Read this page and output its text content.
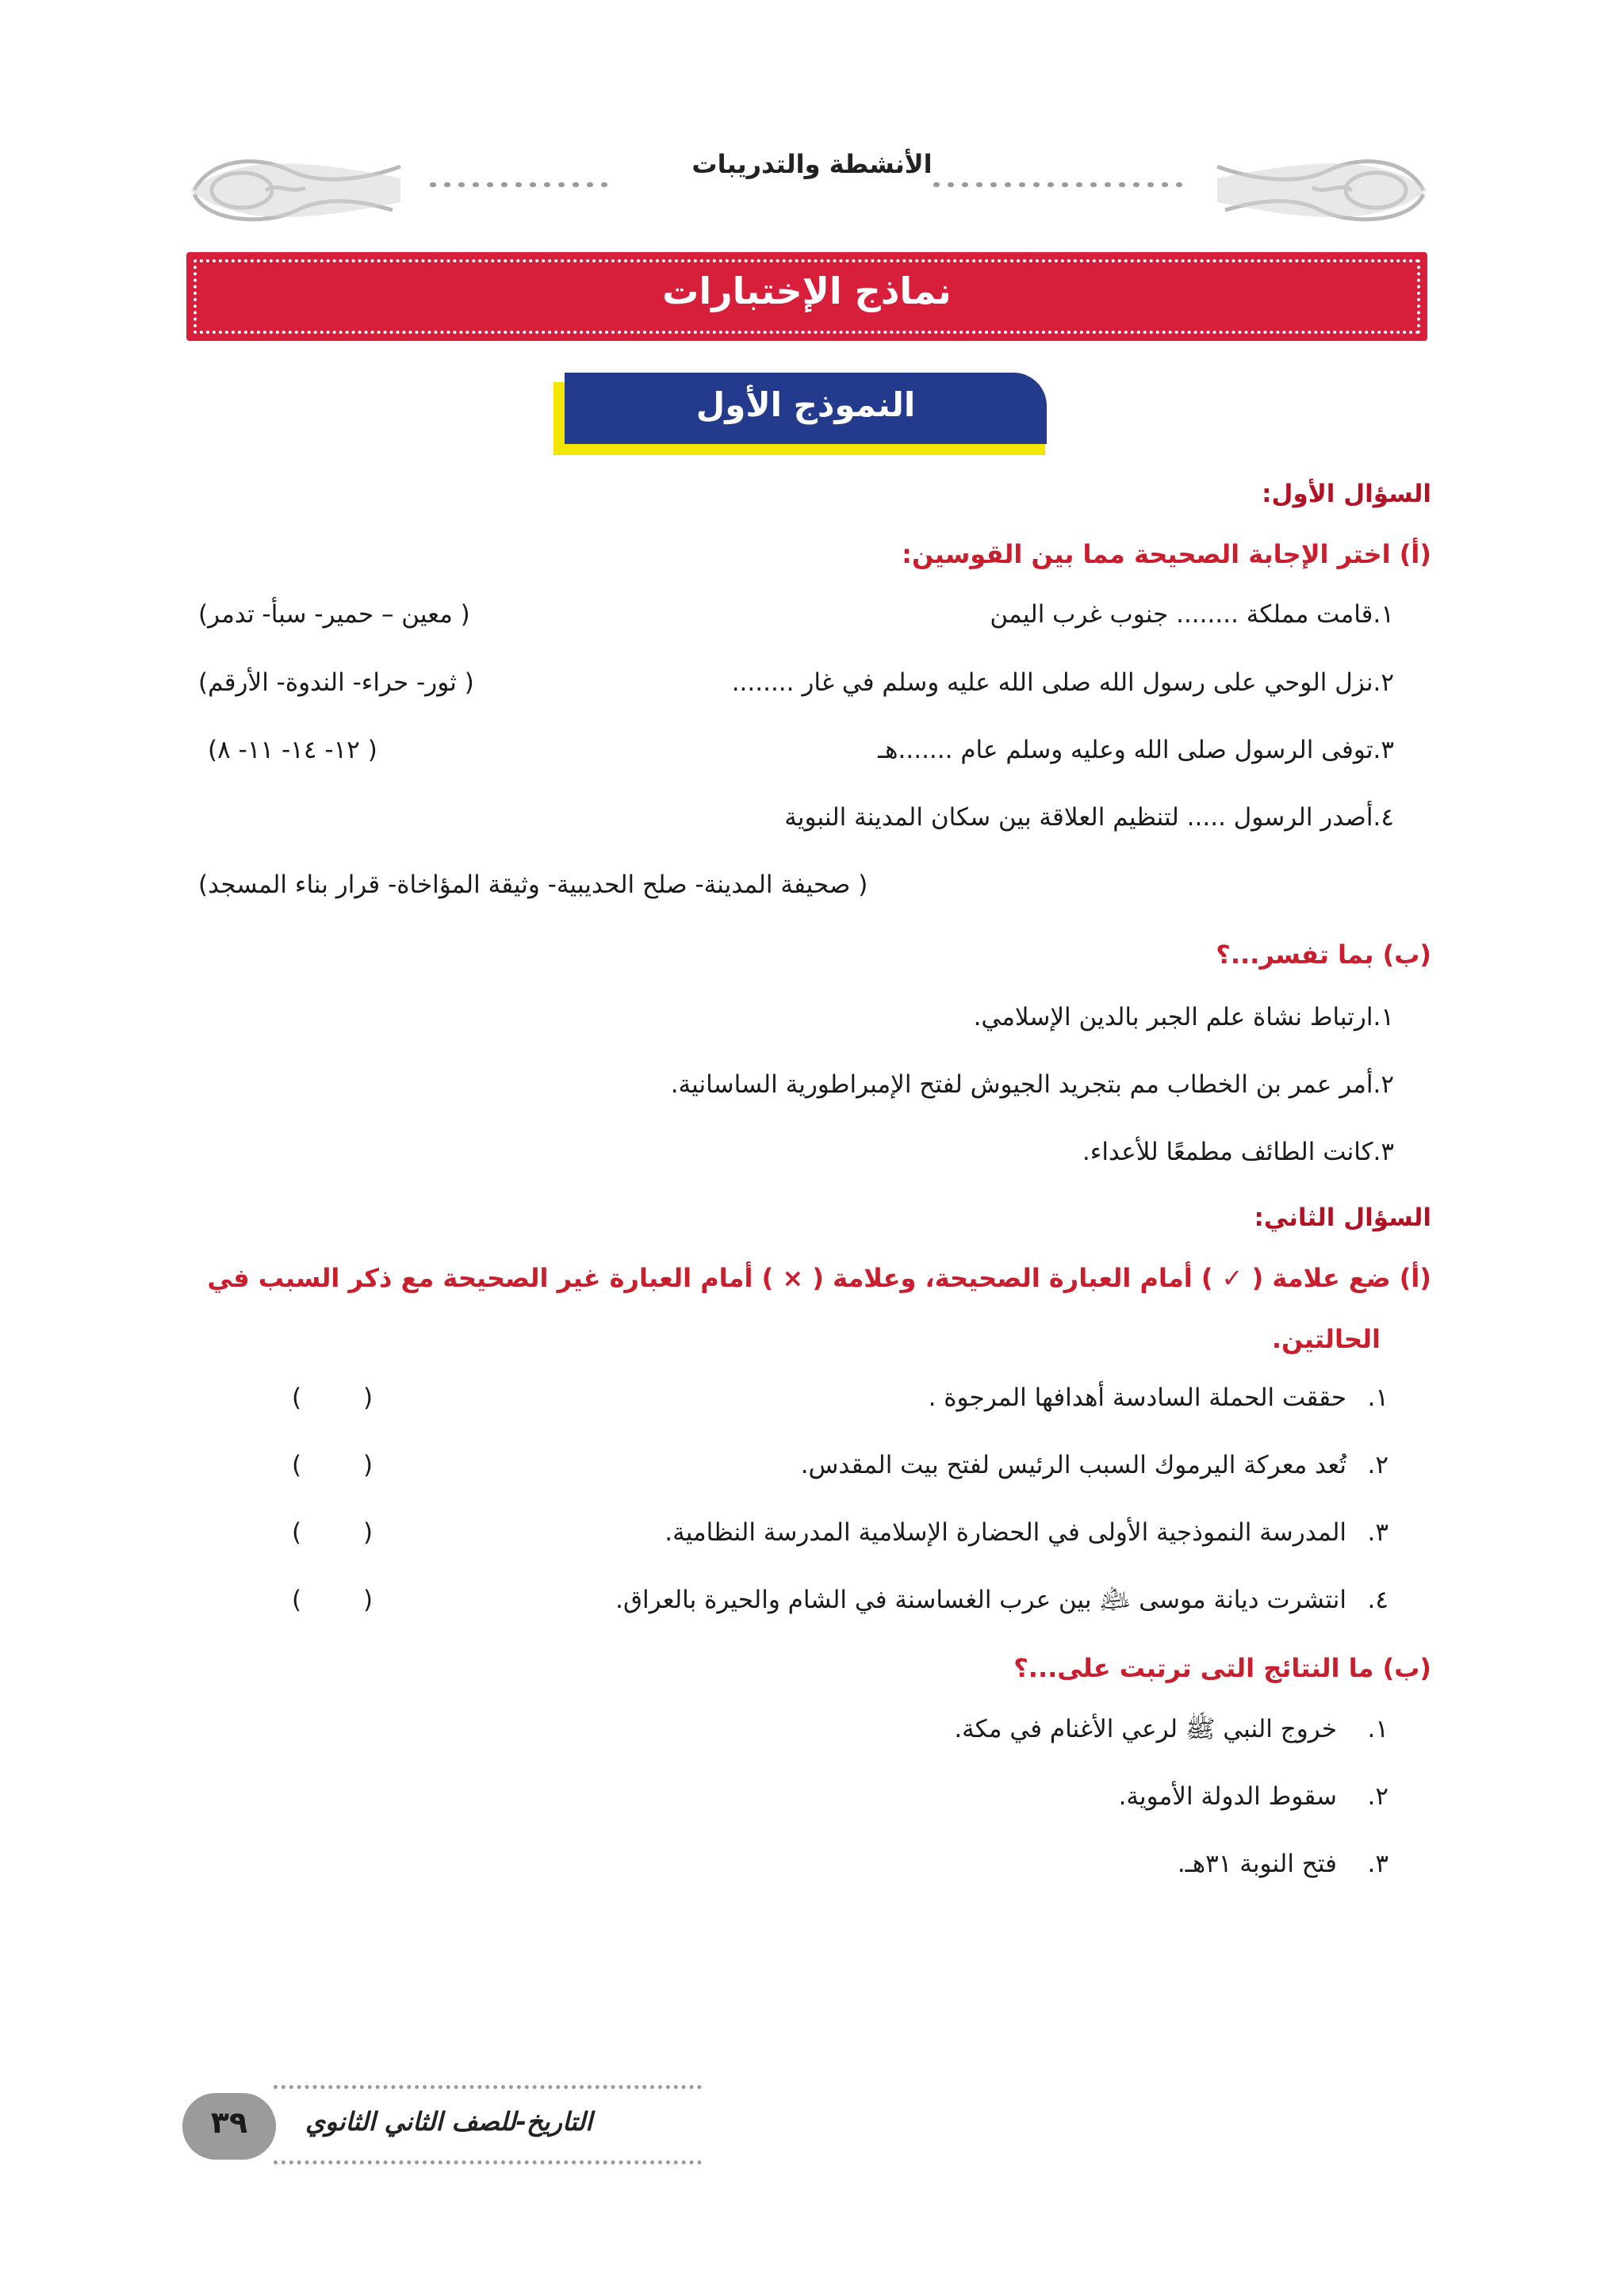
الأنشطة والتدريبات
نماذج الإختبارات
النموذج الأول
السؤال الأول:
(أ) اختر الإجابة الصحيحة مما بين القوسين:
١.قامت مملكة ........ جنوب غرب اليمن
( معين – حمير- سبأ- تدمر)
٢.نزل الوحي على رسول الله صلى الله عليه وسلم في غار ........
( ثور- حراء- الندوة- الأرقم)
٣.توفى الرسول صلى الله وعليه وسلم عام .......هـ
( ١٢- ١٤- ١١- ٨)
٤.أصدر الرسول ..... لتنظيم العلاقة بين سكان المدينة النبوية
( صحيفة المدينة- صلح الحديبية- وثيقة المؤاخاة- قرار بناء المسجد)
(ب) بما تفسر...؟
١.ارتباط نشاة علم الجبر بالدين الإسلامي.
٢.أمر عمر بن الخطاب مم بتجريد الجيوش لفتح الإمبراطورية الساسانية.
٣.كانت الطائف مطمعًا للأعداء.
السؤال الثاني:
(أ) ضع علامة ( ✓ ) أمام العبارة الصحيحة، وعلامة ( × ) أمام العبارة غير الصحيحة مع ذكر السبب في
الحالتين.
١.
حققت الحملة السادسة أهدافها المرجوة .
( )
٢.
تُعد معركة اليرموك السبب الرئيس لفتح بيت المقدس.
( )
٣.
المدرسة النموذجية الأولى في الحضارة الإسلامية المدرسة النظامية.
( )
٤.
انتشرت ديانة موسى ﵇ بين عرب الغساسنة في الشام والحيرة بالعراق.
( )
(ب) ما النتائج التى ترتبت على...؟
١.
خروج النبي ﷺ لرعي الأغنام في مكة.
٢.
سقوط الدولة الأموية.
٣.
فتح النوبة ٣١هـ.
٣٩	التاريخ-للصف الثاني الثانوي
